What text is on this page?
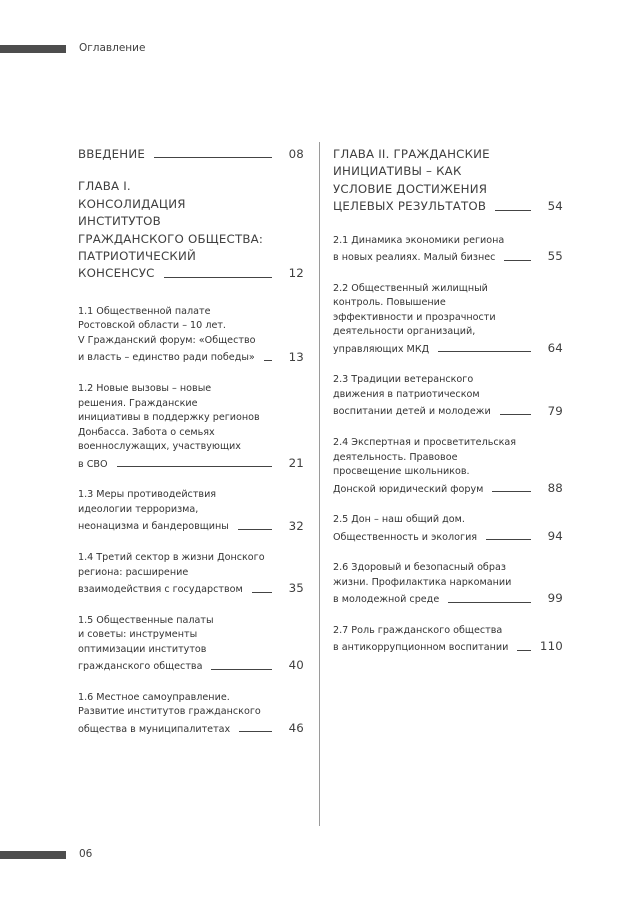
Оглавление
ВВЕДЕНИЕ	08
ГЛАВА I.
КОНСОЛИДАЦИЯ
ИНСТИТУТОВ
ГРАЖДАНСКОГО ОБЩЕСТВА:
ПАТРИОТИЧЕСКИЙ
КОНСЕНСУС	12
1.1 Общественной палате
Ростовской области – 10 лет.
V Гражданский форум: «Общество
и власть – единство ради победы»	13
1.2 Новые вызовы – новые
решения. Гражданские
инициативы в поддержку регионов
Донбасса. Забота о семьях
военнослужащих, участвующих
в СВО	21
1.3 Меры противодействия
идеологии терроризма,
неонацизма и бандеровщины	32
1.4 Третий сектор в жизни Донского
региона: расширение
взаимодействия с государством	35
1.5 Общественные палаты
и советы: инструменты
оптимизации институтов
гражданского общества	40
1.6 Местное самоуправление.
Развитие институтов гражданского
общества в муниципалитетах	46
ГЛАВА II. ГРАЖДАНСКИЕ
ИНИЦИАТИВЫ – КАК
УСЛОВИЕ ДОСТИЖЕНИЯ
ЦЕЛЕВЫХ РЕЗУЛЬТАТОВ	54
2.1 Динамика экономики региона
в новых реалиях. Малый бизнес	55
2.2 Общественный жилищный
контроль. Повышение
эффективности и прозрачности
деятельности организаций,
управляющих МКД	64
2.3 Традиции ветеранского
движения в патриотическом
воспитании детей и молодежи	79
2.4 Экспертная и просветительская
деятельность. Правовое
просвещение школьников.
Донской юридический форум	88
2.5 Дон – наш общий дом.
Общественность и экология	94
2.6 Здоровый и безопасный образ
жизни. Профилактика наркомании
в молодежной среде	99
2.7 Роль гражданского общества
в антикоррупционном воспитании	110
06
